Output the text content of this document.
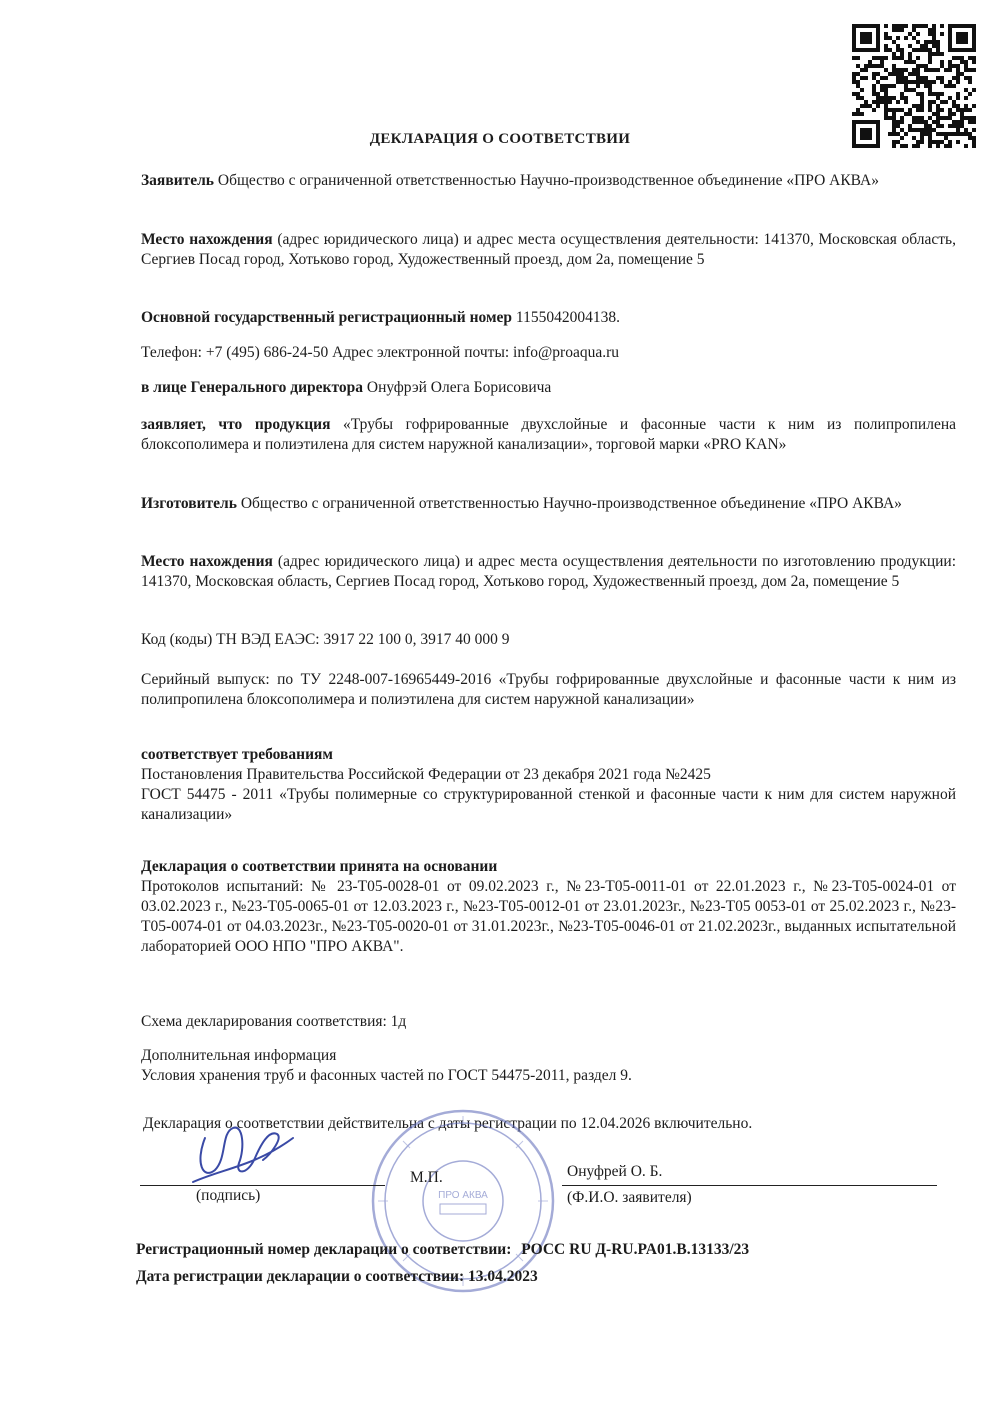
ДЕКЛАРАЦИЯ О СООТВЕТСТВИИ
Заявитель Общество с ограниченной ответственностью Научно-производственное объединение «ПРО АКВА»
Место нахождения (адрес юридического лица) и адрес места осуществления деятельности: 141370, Московская область, Сергиев Посад город, Хотьково город, Художественный проезд, дом 2а, помещение 5
Основной государственный регистрационный номер 1155042004138.
Телефон: +7 (495) 686-24-50 Адрес электронной почты: info@proaqua.ru
в лице Генерального директора Онуфрэй Олега Борисовича
заявляет, что продукция «Трубы гофрированные двухслойные и фасонные части к ним из полипропилена блоксополимера и полиэтилена для систем наружной канализации», торговой марки «PRO KAN»
Изготовитель Общество с ограниченной ответственностью Научно-производственное объединение «ПРО АКВА»
Место нахождения (адрес юридического лица) и адрес места осуществления деятельности по изготовлению продукции: 141370, Московская область, Сергиев Посад город, Хотьково город, Художественный проезд, дом 2а, помещение 5
Код (коды) ТН ВЭД ЕАЭС: 3917 22 100 0, 3917 40 000 9
Серийный выпуск: по ТУ 2248-007-16965449-2016 «Трубы гофрированные двухслойные и фасонные части к ним из полипропилена блоксополимера и полиэтилена для систем наружной канализации»
соответствует требованиям
Постановления Правительства Российской Федерации от 23 декабря 2021 года №2425
ГОСТ 54475 - 2011 «Трубы полимерные со структурированной стенкой и фасонные части к ним для систем наружной канализации»
Декларация о соответствии принята на основании
Протоколов испытаний: № 23-Т05-0028-01 от 09.02.2023 г., №23-Т05-0011-01 от 22.01.2023 г., №23-Т05-0024-01 от 03.02.2023 г., №23-Т05-0065-01 от 12.03.2023 г., №23-Т05-0012-01 от 23.01.2023г., №23-Т05 0053-01 от 25.02.2023 г., №23-Т05-0074-01 от 04.03.2023г., №23-Т05-0020-01 от 31.01.2023г., №23-Т05-0046-01 от 21.02.2023г., выданных испытательной лабораторией ООО НПО "ПРО АКВА".
Схема декларирования соответствия: 1д
Дополнительная информация
Условия хранения труб и фасонных частей по ГОСТ 54475-2011, раздел 9.
Декларация о соответствии действительна с даты регистрации по 12.04.2026 включительно.
ПРО АКВА
(подпись)
М.П.	Онуфрей О. Б.
(Ф.И.О. заявителя)
Регистрационный номер декларации о соответствии: РОСС RU Д-RU.PA01.B.13133/23
Дата регистрации декларации о соответствии: 13.04.2023
